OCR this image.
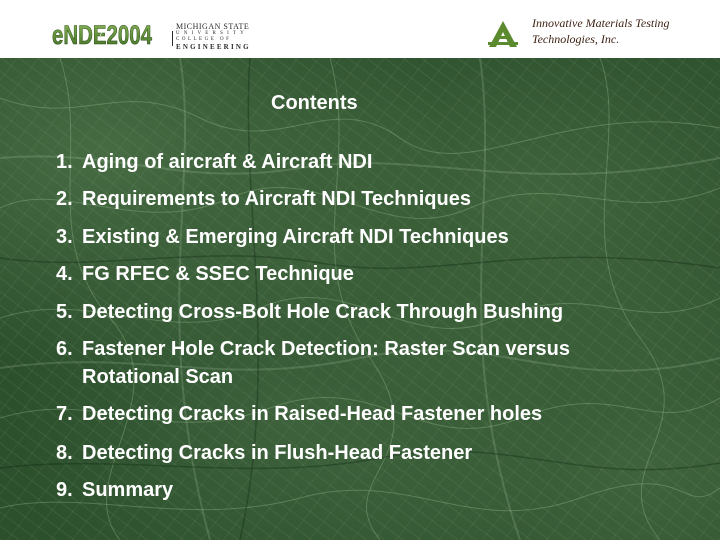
eNDE2004
7
MICHIGAN STATE
UNIVERSITY
COLLEGE OF
ENGINEERING
Innovative Materials Testing
Technologies, Inc.
Contents
1. Aging of aircraft & Aircraft NDI
2. Requirements to Aircraft NDI Techniques
3. Existing & Emerging Aircraft NDI Techniques
4. FG RFEC & SSEC Technique
5. Detecting Cross-Bolt Hole Crack Through Bushing
6. Fastener Hole Crack Detection: Raster Scan versus
Rotational Scan
7. Detecting Cracks in Raised-Head Fastener holes
8. Detecting Cracks in Flush-Head Fastener
9. Summary
